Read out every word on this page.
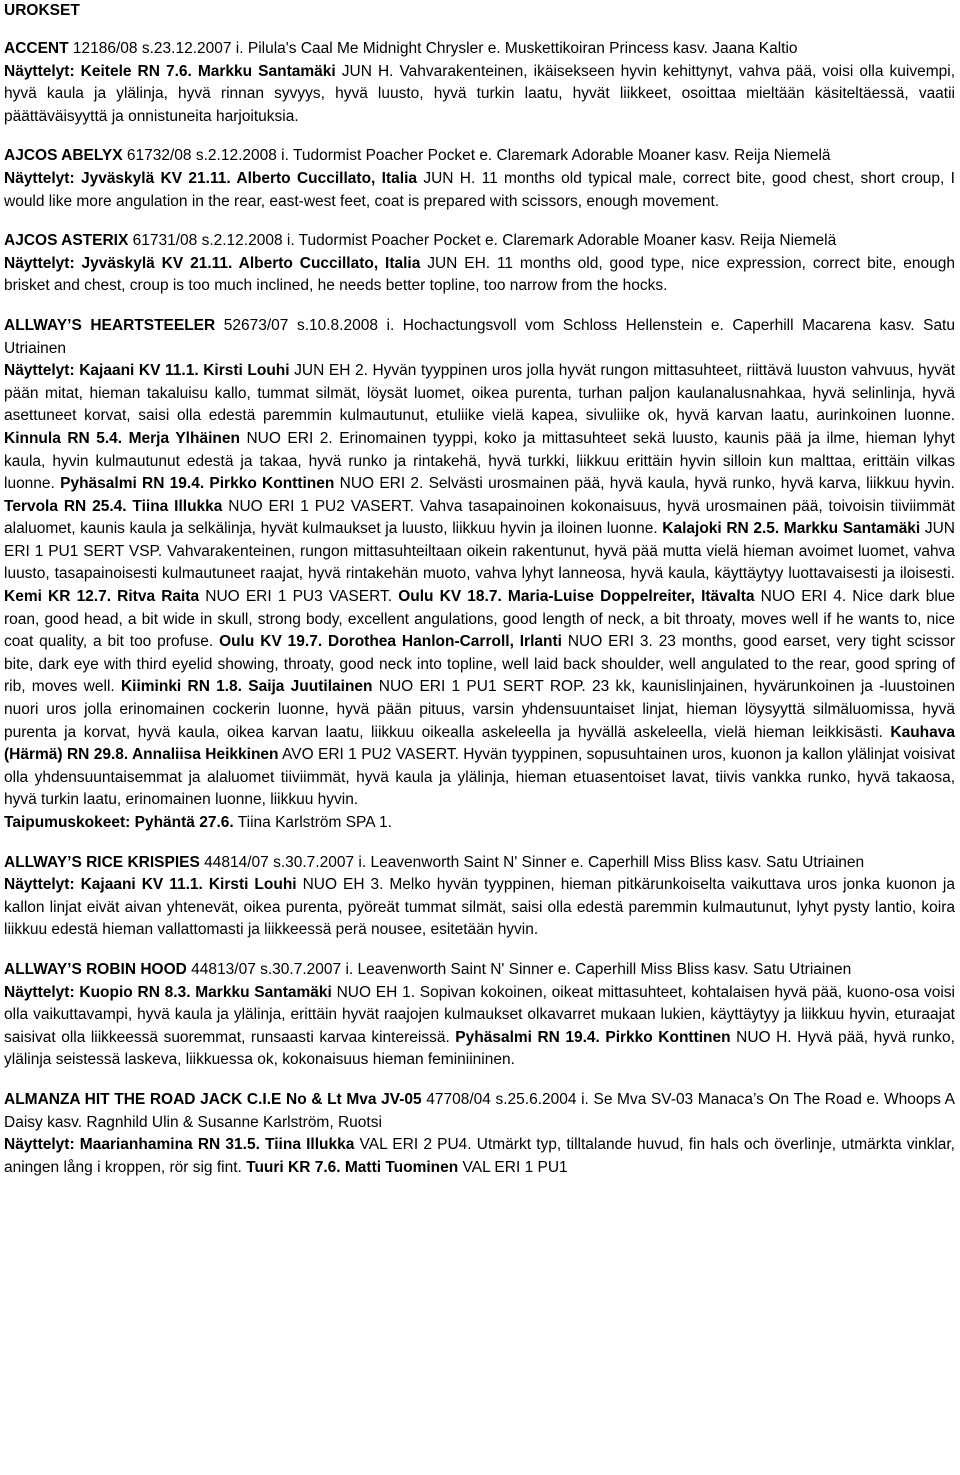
UROKSET

ACCENT 12186/08 s.23.12.2007 i. Pilula's Caal Me Midnight Chrysler e. Muskettikoiran Princess kasv. Jaana Kaltio

Näyttelyt: Keitele RN 7.6. Markku Santamäki JUN H. Vahvarakenteinen, ikäisekseen hyvin kehittynyt, vahva pää, voisi olla kuivempi, hyvä kaula ja ylälinja, hyvä rinnan syvyys, hyvä luusto, hyvä turkin laatu, hyvät liikkeet, osoittaa mieltään käsiteltäessä, vaatii päättäväisyyttä ja onnistuneita harjoituksia.

AJCOS ABELYX 61732/08 s.2.12.2008 i. Tudormist Poacher Pocket e. Claremark Adorable Moaner kasv. Reija Niemelä

Näyttelyt: Jyväskylä KV 21.11. Alberto Cuccillato, Italia JUN H. 11 months old typical male, correct bite, good chest, short croup, I would like more angulation in the rear, east-west feet, coat is prepared with scissors, enough movement.

AJCOS ASTERIX 61731/08 s.2.12.2008 i. Tudormist Poacher Pocket e. Claremark Adorable Moaner kasv. Reija Niemelä

Näyttelyt: Jyväskylä KV 21.11. Alberto Cuccillato, Italia JUN EH. 11 months old, good type, nice expression, correct bite, enough brisket and chest, croup is too much inclined, he needs better topline, too narrow from the hocks.

ALLWAY’S HEARTSTEELER 52673/07 s.10.8.2008 i. Hochactungsvoll vom Schloss Hellenstein e. Caperhill Macarena kasv. Satu Utriainen

Näyttelyt: Kajaani KV 11.1. Kirsti Louhi JUN EH 2. Hyvän tyyppinen uros jolla hyvät rungon mittasuhteet, riittävä luuston vahvuus, hyvät pään mitat, hieman takaluisu kallo, tummat silmät, löysät luomet, oikea purenta, turhan paljon kaulanalusnahkaa, hyvä selinlinja, hyvä asettuneet korvat, saisi olla edestä paremmin kulmautunut, etuliike vielä kapea, sivuliike ok, hyvä karvan laatu, aurinkoinen luonne. Kinnula RN 5.4. Merja Ylhäinen NUO ERI 2. Erinomainen tyyppi, koko ja mittasuhteet sekä luusto, kaunis pää ja ilme, hieman lyhyt kaula, hyvin kulmautunut edestä ja takaa, hyvä runko ja rintakehä, hyvä turkki, liikkuu erittäin hyvin silloin kun malttaa, erittäin vilkas luonne. Pyhäsalmi RN 19.4. Pirkko Konttinen NUO ERI 2. Selvästi urosmainen pää, hyvä kaula, hyvä runko, hyvä karva, liikkuu hyvin. Tervola RN 25.4. Tiina Illukka NUO ERI 1 PU2 VASERT. Vahva tasapainoinen kokonaisuus, hyvä urosmainen pää, toivoisin tiiviimmät alaluomet, kaunis kaula ja selkälinja, hyvät kulmaukset ja luusto, liikkuu hyvin ja iloinen luonne. Kalajoki RN 2.5. Markku Santamäki JUN ERI 1 PU1 SERT VSP. Vahvarakenteinen, rungon mittasuhteiltaan oikein rakentunut, hyvä pää mutta vielä hieman avoimet luomet, vahva luusto, tasapainoisesti kulmautuneet raajat, hyvä rintakehän muoto, vahva lyhyt lanneosa, hyvä kaula, käyttäytyy luottavaisesti ja iloisesti. Kemi KR 12.7. Ritva Raita NUO ERI 1 PU3 VASERT. Oulu KV 18.7. Maria-Luise Doppelreiter, Itävalta NUO ERI 4. Nice dark blue roan, good head, a bit wide in skull, strong body, excellent angulations, good length of neck, a bit throaty, moves well if he wants to, nice coat quality, a bit too profuse. Oulu KV 19.7. Dorothea Hanlon-Carroll, Irlanti NUO ERI 3. 23 months, good earset, very tight scissor bite, dark eye with third eyelid showing, throaty, good neck into topline, well laid back shoulder, well angulated to the rear, good spring of rib, moves well. Kiiminki RN 1.8. Saija Juutilainen NUO ERI 1 PU1 SERT ROP. 23 kk, kaunislinjainen, hyvärunkoinen ja -luustoinen nuori uros jolla erinomainen cockerin luonne, hyvä pään pituus, varsin yhdensuuntaiset linjat, hieman löysyyttä silmäluomissa, hyvä purenta ja korvat, hyvä kaula, oikea karvan laatu, liikkuu oikealla askeleella ja hyvällä askeleella, vielä hieman leikkisästi. Kauhava (Härmä) RN 29.8. Annaliisa Heikkinen AVO ERI 1 PU2 VASERT. Hyvän tyyppinen, sopusuhtainen uros, kuonon ja kallon ylälinjat voisivat olla yhdensuuntaisemmat ja alaluomet tiiviimmät, hyvä kaula ja ylälinja, hieman etuasentoiset lavat, tiivis vankka runko, hyvä takaosa, hyvä turkin laatu, erinomainen luonne, liikkuu hyvin.

Taipumuskokeet: Pyhäntä 27.6. Tiina Karlström SPA 1.

ALLWAY’S RICE KRISPIES 44814/07 s.30.7.2007 i. Leavenworth Saint N' Sinner e. Caperhill Miss Bliss kasv. Satu Utriainen

Näyttelyt: Kajaani KV 11.1. Kirsti Louhi NUO EH 3. Melko hyvän tyyppinen, hieman pitkärunkoiselta vaikuttava uros jonka kuonon ja kallon linjat eivät aivan yhtenevät, oikea purenta, pyöreät tummat silmät, saisi olla edestä paremmin kulmautunut, lyhyt pysty lantio, koira liikkuu edestä hieman vallattomasti ja liikkeessä perä nousee, esitetään hyvin.

ALLWAY’S ROBIN HOOD 44813/07 s.30.7.2007 i. Leavenworth Saint N' Sinner e. Caperhill Miss Bliss kasv. Satu Utriainen

Näyttelyt: Kuopio RN 8.3. Markku Santamäki NUO EH 1. Sopivan kokoinen, oikeat mittasuhteet, kohtalaisen hyvä pää, kuono-osa voisi olla vaikuttavampi, hyvä kaula ja ylälinja, erittäin hyvät raajojen kulmaukset olkavarret mukaan lukien, käyttäytyy ja liikkuu hyvin, eturaajat saisivat olla liikkeessä suoremmat, runsaasti karvaa kintereissä. Pyhäsalmi RN 19.4. Pirkko Konttinen NUO H. Hyvä pää, hyvä runko, ylälinja seistessä laskeva, liikkuessa ok, kokonaisuus hieman feminiininen.

ALMANZA HIT THE ROAD JACK C.I.E No & Lt Mva JV-05 47708/04 s.25.6.2004 i. Se Mva SV-03 Manaca’s On The Road e. Whoops A Daisy kasv. Ragnhild Ulin & Susanne Karlström, Ruotsi

Näyttelyt: Maarianhamina RN 31.5. Tiina Illukka VAL ERI 2 PU4. Utmärkt typ, tilltalande huvud, fin hals och överlinje, utmärkta vinklar, aningen lång i kroppen, rör sig fint. Tuuri KR 7.6. Matti Tuominen VAL ERI 1 PU1
